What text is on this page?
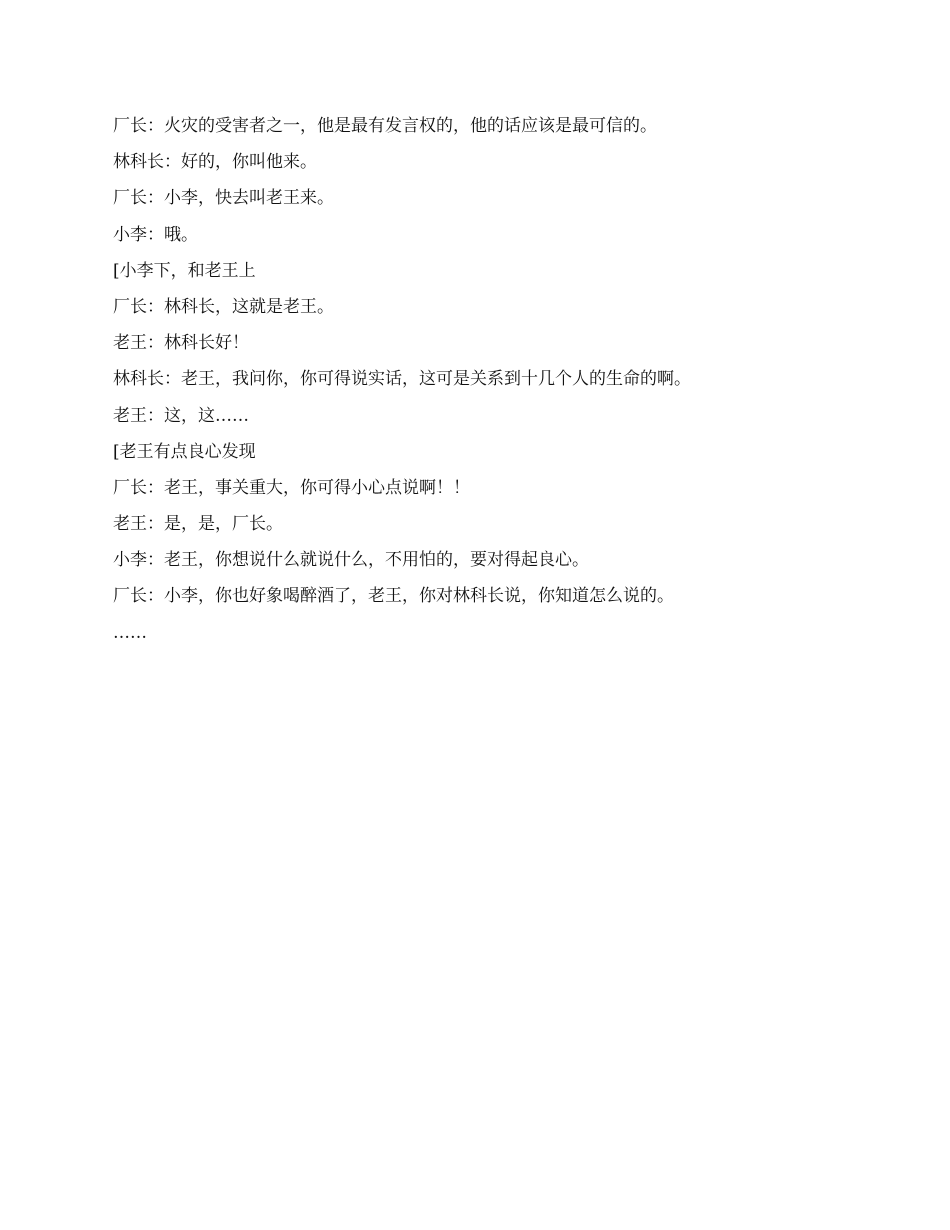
厂长：火灾的受害者之一，他是最有发言权的，他的话应该是最可信的。

林科长：好的，你叫他来。

厂长：小李，快去叫老王来。

小李：哦。

[小李下，和老王上

厂长：林科长，这就是老王。

老王：林科长好！

林科长：老王，我问你，你可得说实话，这可是关系到十几个人的生命的啊。

老王：这，这……

[老王有点良心发现

厂长：老王，事关重大，你可得小心点说啊！！

老王：是，是，厂长。

小李：老王，你想说什么就说什么，不用怕的，要对得起良心。

厂长：小李，你也好象喝醉酒了，老王，你对林科长说，你知道怎么说的。

……
